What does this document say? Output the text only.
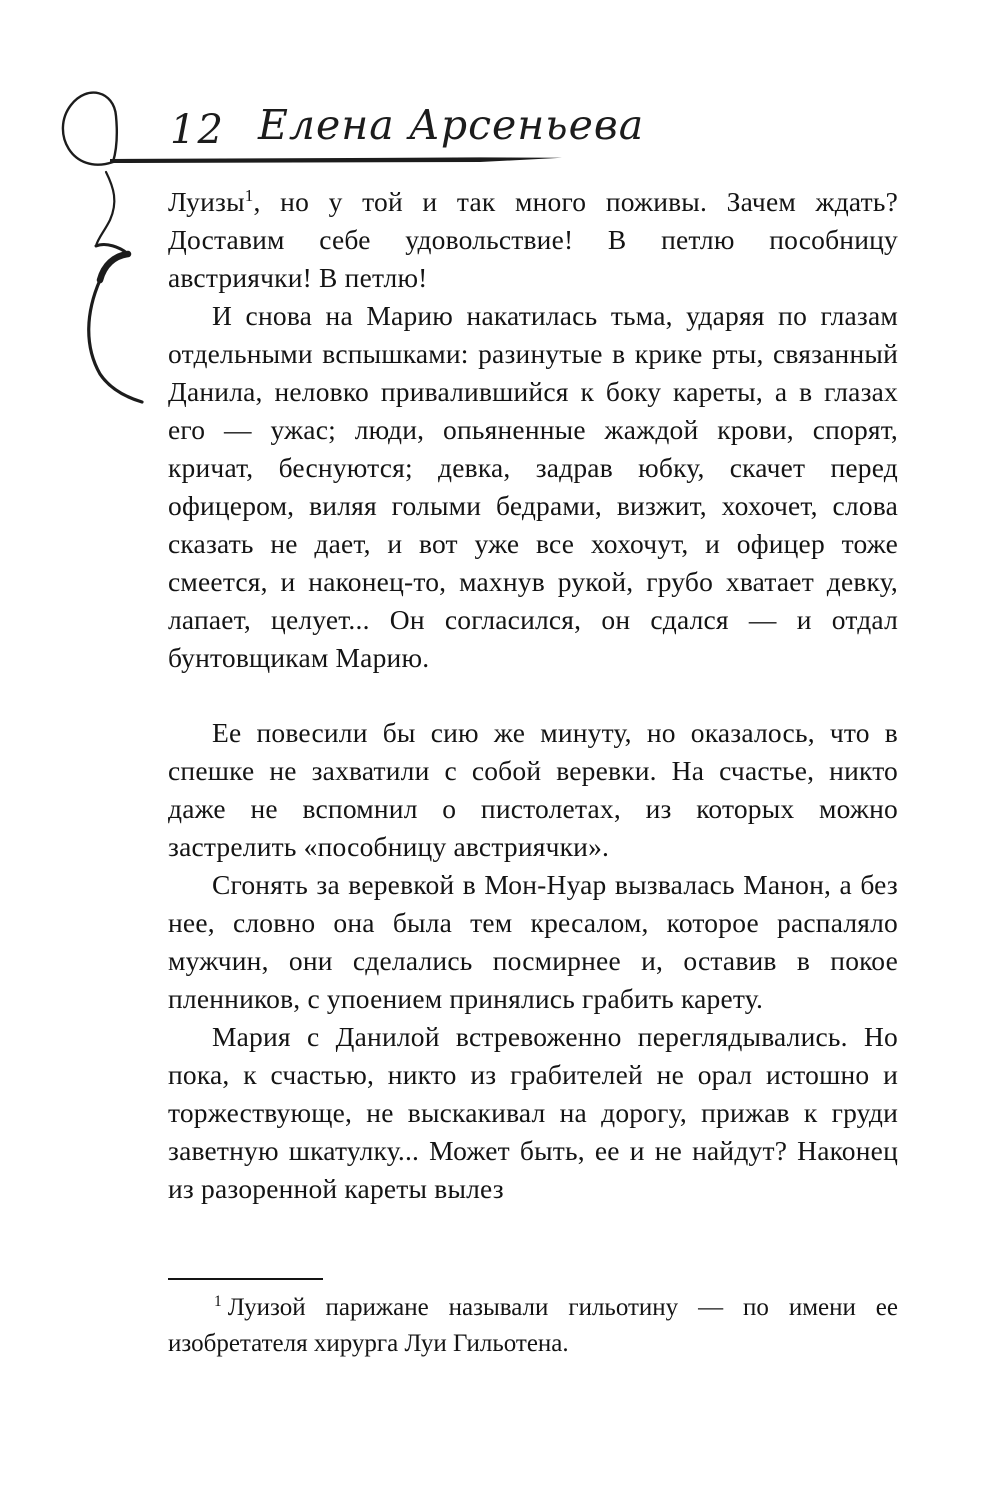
12 Елена Арсеньева

Луизы$^1$, но у той и так много поживы. Зачем ждать? Доставим себе удовольствие! В петлю пособницу австриячки! В петлю!

И снова на Марию накатилась тьма, ударяя по глазам отдельными вспышками: разинутые в крике рты, связанный Данила, неловко привалившийся к боку кареты, а в глазах его — ужас; люди, опьяненные жаждой крови, спорят, кричат, беснуются; девка, задрав юбку, скачет перед офицером, виляя голыми бедрами, визжит, хохочет, слова сказать не дает, и вот уже все хохочут, и офицер тоже смеется, и наконец-то, махнув рукой, грубо хватает девку, лапает, целует... Он согласился, он сдался — и отдал бунтовщикам Марию.

Ее повесили бы сию же минуту, но оказалось, что в спешке не захватили с собой веревки. На счастье, никто даже не вспомнил о пистолетах, из которых можно застрелить «пособницу австриячки».

Сгонять за веревкой в Мон-Нуар вызвалась Манон, а без нее, словно она была тем кресалом, которое распаляло мужчин, они сделались посмирнее и, оставив в покое пленников, с упоением принялись грабить карету.

Мария с Данилой встревоженно переглядывались. Но пока, к счастью, никто из грабителей не орал истошно и торжествующе, не выскакивал на дорогу, прижав к груди заветную шкатулку... Может быть, ее и не найдут? Наконец из разоренной кареты вылез

$^1$ Луизой парижане называли гильотину — по имени ее изобретателя хирурга Луи Гильотена.
